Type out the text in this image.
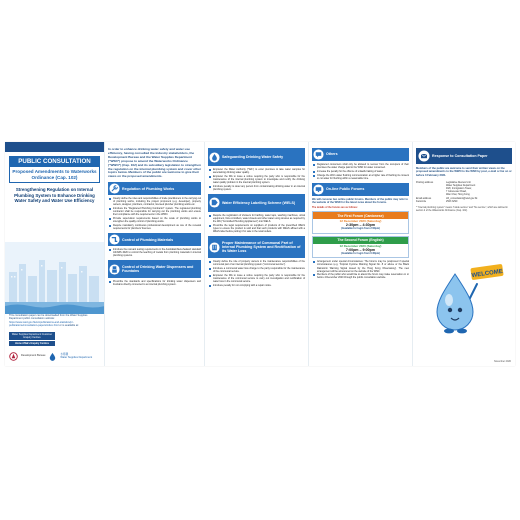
PUBLIC CONSULTATION
Proposed Amendments to Waterworks Ordinance (Cap. 102)
Strengthening Regulation on Internal Plumbing System to Enhance Drinking Water Safety and Water Use Efficiency
This consultation paper can be downloaded from the Water Supplies Department public consultation website: https://www.wsd.gov.hk/en/publications-and-statistics/pr-publications/consultation-papers/index.html or is available at:
Water Supplies Department Customer Enquiry Centres
Home Affairs Enquiry Centres
Development Bureau
水務署
Water Supplies Department
In order to enhance drinking water safety and water use efficiency, having consulted the industry stakeholders, the Development Bureau and the Water Supplies Department ("WSD") propose to amend the Waterworks Ordinance ("WWO") (Cap. 102) and its subsidiary legislation to strengthen the regulation on the internal plumbing system and cover other topics below. Members of the public are welcome to give their views on the proposed amendments.
Regulation of Plumbing Works
Clearly define the roles and responsibilities of trade practitioners in the carrying out of plumbing works, including the project proponent (e.g. developer), property owners, designer, plumbers, contractor, licensed plumber plumbing works etc.
Introduce the "Registered Plumbing Contractor" system. The registered plumbing contractor shall be responsible for carrying out the plumbing works and ensure their compliance with the requirements in the WWO.
Provide supervision requirements based on the scale of plumbing works to strengthen the quality control of plumbing works.
Require mandatory continuous professional development as one of the renewal requirements for plumbers' licences.
Control of Plumbing Materials
Introduce the relevant testing requirements in the Australian/New Zealand standard AS/NZS 4020 to control the leaching of metals from plumbing materials in internal plumbing systems.
Control of Drinking Water Dispensers and Fountains
Prescribe the standards and specifications for drinking water dispensers and fountains directly connected to an internal plumbing system.
Safeguarding Drinking Water Safety
Empower the Water Authority ("WA") to enter premises to take water samples for ascertaining drinking water quality.
Empower the WA to issue a notice requiring the party who is responsible for the maintenance of the internal plumbing system to investigate and rectify the drinking water quality problem in the internal plumbing system.
Introduce penalty to deter any person from contaminating drinking water in an internal plumbing system.
Water Efficiency Labelling Scheme (WELS)
Require the registration of showers for bathing, water taps, washing machines, urinal equipment, flow controllers, water closets and other water using devices as required by the WA ("Controlled Plumbing Appliances") into WELS.
Prescribe the legal requirements on suppliers of products of the prescribed WELS types to ensure the product is sold and that such products with WELS affixed with a WELS label before putting it for sale in the retail outlets.
Proper Maintenance of Communal Part of Internal Plumbing System and Rectification of its Water Loss
Clearly define the role of property owners in the maintenance responsibilities of the communal part of an internal plumbing system ("communal service").
Introduce a communal water loss charge to the party responsible for the maintenance of the communal service.
Empower the WA to issue a notice requiring the party who is responsible for the maintenance of the communal service to carry out investigation and rectification of water loss in the communal service.
Introduce penalty for not complying with a repair notice.
Others
Registered consumers shall only be allowed to recover from the occupiers of their premises the water charge paid to the WSD for water consumed.
Increase the penalty for the offence of unlawful taking of water.
Change the WA's water flushing communication at a higher rate of flushing its consent to cut water for flushing within a reasonable time.
On-line Public Forums
We will convene two online public forums. Members of the public may refer to the website of the WSD for the latest news about the forums.
The details of the forums are as follows:
The First Forum (Cantonese)
12 December 2020 (Saturday)
2:30pm – 4:30pm
(Available for login from 2:00pm)
The Second Forum (English)
12 December 2020 (Saturday)
7:00pm – 9:00pm
(Available for login from 6:30pm)
Arrangement under special circumstances: The forums may be postponed if special circumstances (e.g. Tropical Cyclone Warning Signal No. 8 or above or the Black Rainstorm Warning Signal issued by the Hong Kong Observatory). The new arrangement will be announced on the website of the WSD.
Members of the public who would like to attend the forum may make reservation on or before 4 December 2020 through the public consultation website.
Response to Consultation Paper
Members of the public are welcome to send their written views on the proposed amendments to the WWO to the WSD by post, e-mail or fax on or before 3 February 2021.
Posting address	Legislative Review Unit
Water Supplies Department
46/F, Immigration Tower,
7 Gloucester Road,
Wan Chai, Hong Kong
Email address	LR_consultation@wsd.gov.hk
Facsimile	2523 3290
* "Internal plumbing system" means "inside service" and "fire service", which are defined in section 2 of the Waterworks Ordinance (Cap. 102).
WELCOME
November 2020
